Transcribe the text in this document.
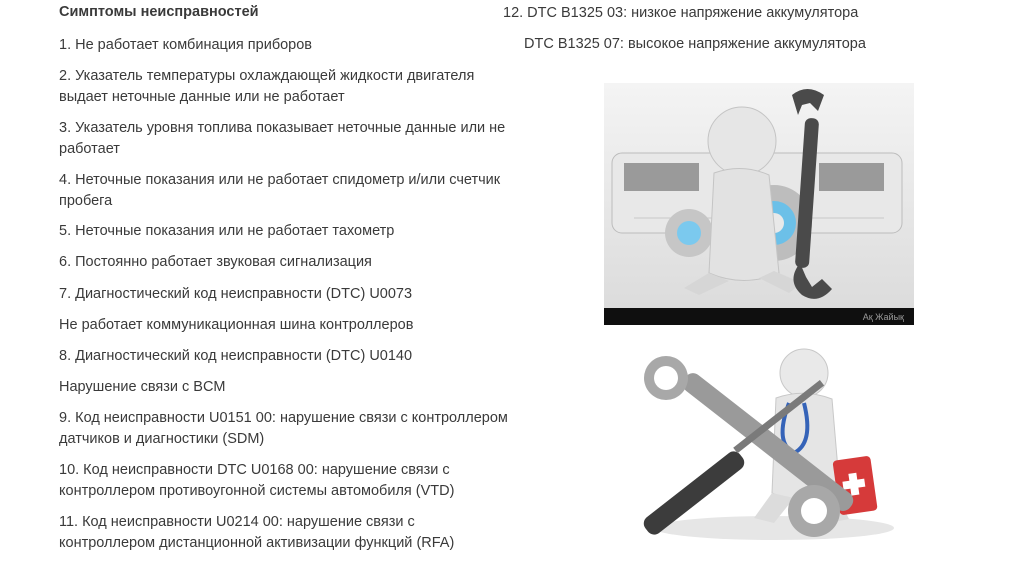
Симптомы неисправностей
1. Не работает комбинация приборов
2. Указатель температуры охлаждающей жидкости двигателя выдает неточные данные или не работает
3. Указатель уровня топлива показывает неточные данные или не работает
4. Неточные показания или не работает спидометр и/или счетчик пробега
5. Неточные показания или не работает тахометр
6. Постоянно работает звуковая сигнализация
7. Диагностический код неисправности (DTC) U0073
Не работает коммуникационная шина контроллеров
8. Диагностический код неисправности (DTC) U0140
Нарушение связи с BCM
9. Код неисправности U0151 00: нарушение связи с контроллером датчиков и диагностики (SDM)
10. Код неисправности DTC U0168 00: нарушение связи с контроллером противоугонной системы автомобиля (VTD)
11. Код неисправности U0214 00: нарушение связи с контроллером дистанционной активизации функций (RFA)
12. DTC B1325 03: низкое напряжение аккумулятора
DTC B1325 07: высокое напряжение аккумулятора
Ақ Жайық
